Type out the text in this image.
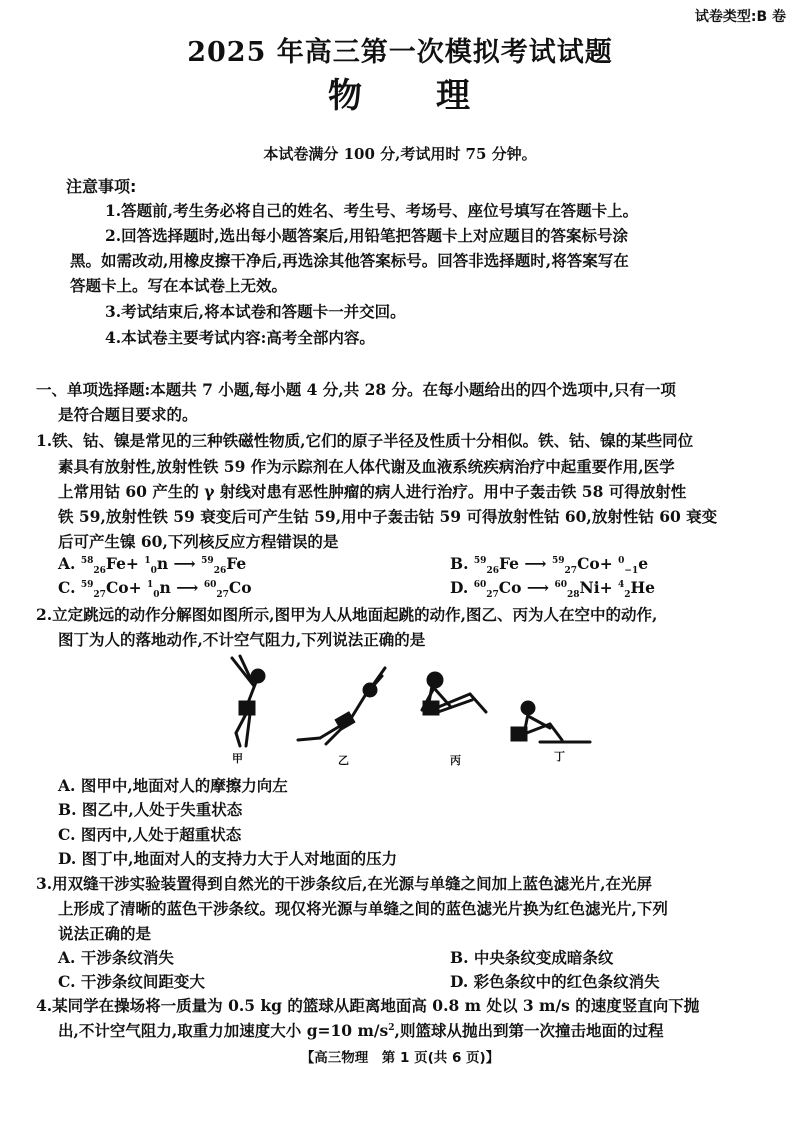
试卷类型:B 卷
2025 年高三第一次模拟考试试题
物　　理
本试卷满分 100 分,考试用时 75 分钟。
注意事项:
1.答题前,考生务必将自己的姓名、考生号、考场号、座位号填写在答题卡上。
2.回答选择题时,选出每小题答案后,用铅笔把答题卡上对应题目的答案标号涂
黑。如需改动,用橡皮擦干净后,再选涂其他答案标号。回答非选择题时,将答案写在
答题卡上。写在本试卷上无效。
3.考试结束后,将本试卷和答题卡一并交回。
4.本试卷主要考试内容:高考全部内容。
一、单项选择题:本题共 7 小题,每小题 4 分,共 28 分。在每小题给出的四个选项中,只有一项
是符合题目要求的。
1.铁、钴、镍是常见的三种铁磁性物质,它们的原子半径及性质十分相似。铁、钴、镍的某些同位
素具有放射性,放射性铁 59 作为示踪剂在人体代谢及血液系统疾病治疗中起重要作用,医学
上常用钴 60 产生的 γ 射线对患有恶性肿瘤的病人进行治疗。用中子轰击铁 58 可得放射性
铁 59,放射性铁 59 衰变后可产生钴 59,用中子轰击钴 59 可得放射性钴 60,放射性钴 60 衰变
后可产生镍 60,下列核反应方程错误的是
A. $^{58}_{26}$Fe+ $^1_0$n ⟶ $^{59}_{26}$Fe	B. $^{59}_{26}$Fe ⟶ $^{59}_{27}$Co+ $^0_{-1}$e
C. $^{59}_{27}$Co+ $^1_0$n ⟶ $^{60}_{27}$Co	D. $^{60}_{27}$Co ⟶ $^{60}_{28}$Ni+ $^4_2$He
2.立定跳远的动作分解图如图所示,图甲为人从地面起跳的动作,图乙、丙为人在空中的动作,
图丁为人的落地动作,不计空气阻力,下列说法正确的是
甲	乙	丙	丁
A. 图甲中,地面对人的摩擦力向左
B. 图乙中,人处于失重状态
C. 图丙中,人处于超重状态
D. 图丁中,地面对人的支持力大于人对地面的压力
3.用双缝干涉实验装置得到自然光的干涉条纹后,在光源与单缝之间加上蓝色滤光片,在光屏
上形成了清晰的蓝色干涉条纹。现仅将光源与单缝之间的蓝色滤光片换为红色滤光片,下列
说法正确的是
A. 干涉条纹消失	B. 中央条纹变成暗条纹
C. 干涉条纹间距变大	D. 彩色条纹中的红色条纹消失
4.某同学在操场将一质量为 0.5 kg 的篮球从距离地面高 0.8 m 处以 3 m/s 的速度竖直向下抛
出,不计空气阻力,取重力加速度大小 g=10 $m/s^2$,则篮球从抛出到第一次撞击地面的过程
【高三物理　第 1 页(共 6 页)】
